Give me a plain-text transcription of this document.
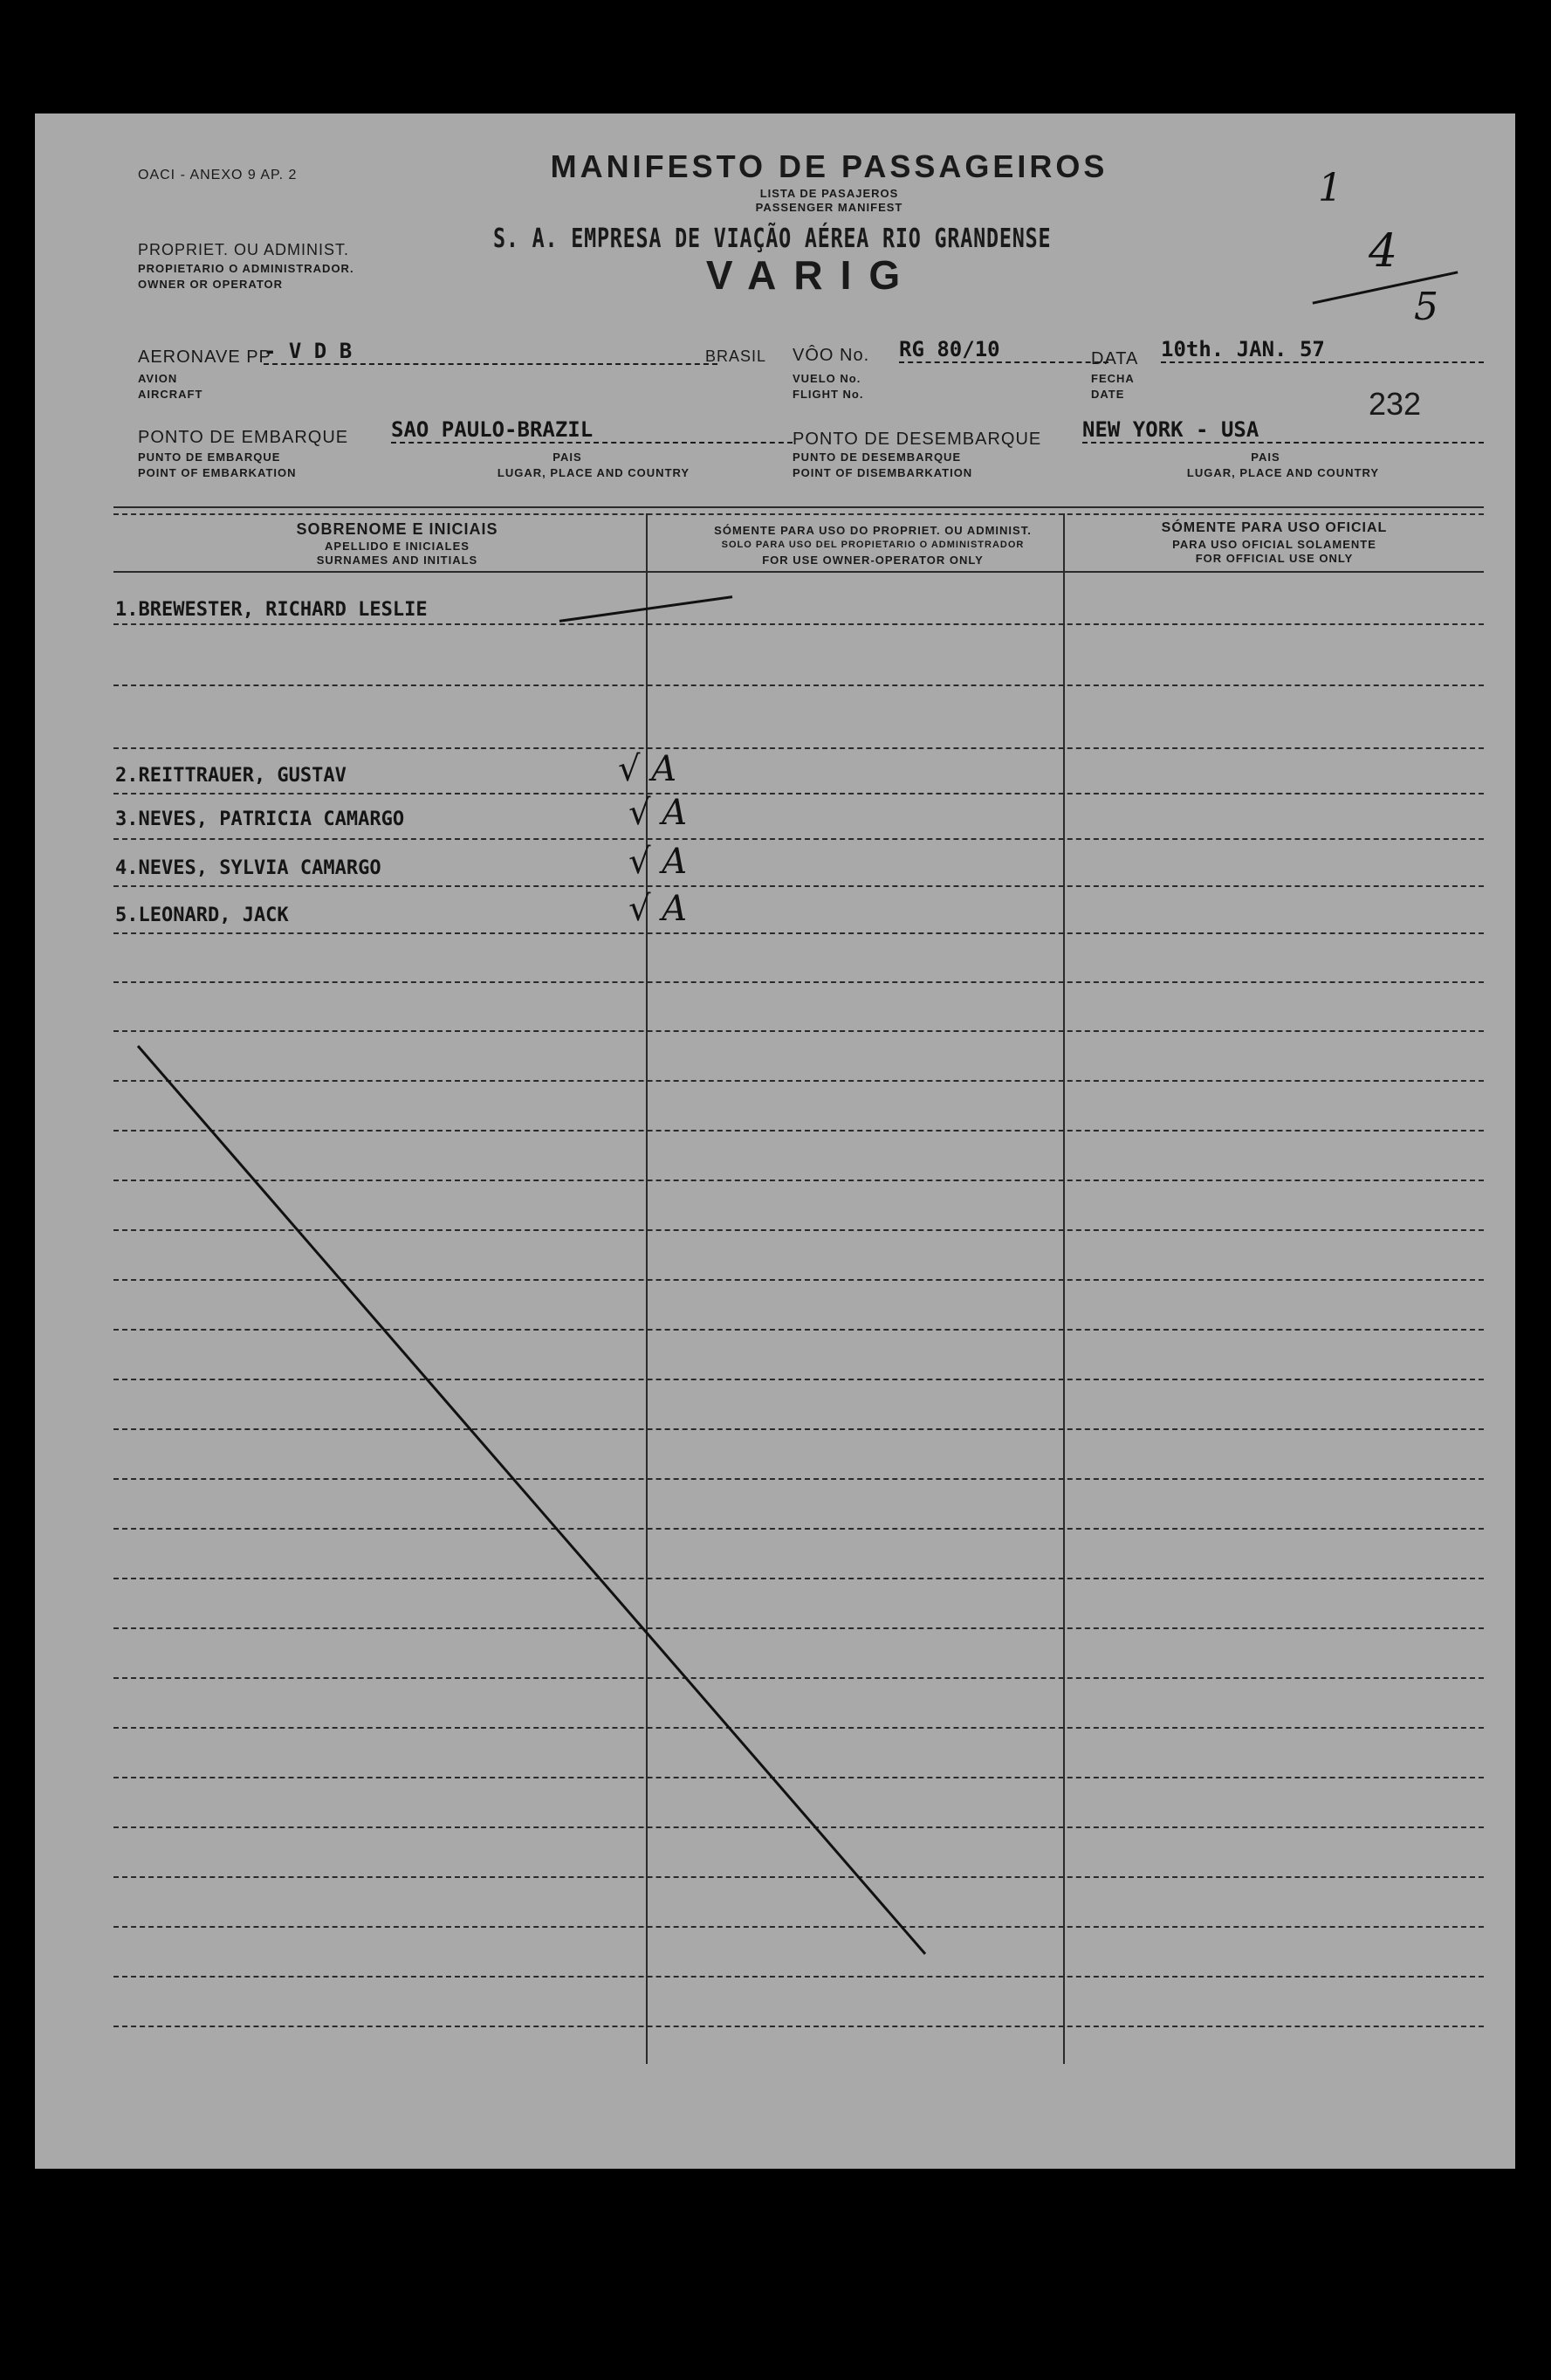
OACI - ANEXO 9 AP. 2	MANIFESTO DE PASSAGEIROS
LISTA DE PASAJEROS
PASSENGER MANIFEST
PROPRIET. OU ADMINIST.
PROPIETARIO O ADMINISTRADOR.
OWNER OR OPERATOR
S. A. EMPRESA DE VIAÇÃO AÉREA RIO GRANDENSE
VARIG
1
4
5
AERONAVE PP
AVION
AIRCRAFT
- V D B	BRASIL VÔO No.
VUELO No.
FLIGHT No.
RG 80/10	DATA
FECHA
DATE
10th. JAN. 57
232
PONTO DE EMBARQUE
PUNTO DE EMBARQUE
POINT OF EMBARKATION
SAO PAULO-BRAZIL
PAIS
LUGAR, PLACE AND COUNTRY
PONTO DE DESEMBARQUE
PUNTO DE DESEMBARQUE
POINT OF DISEMBARKATION
NEW YORK - USA
PAIS
LUGAR, PLACE AND COUNTRY
SOBRENOME E INICIAIS
APELLIDO E INICIALES
SURNAMES AND INITIALS
SÓMENTE PARA USO DO PROPRIET. OU ADMINIST.
SOLO PARA USO DEL PROPIETARIO O ADMINISTRADOR
FOR USE OWNER-OPERATOR ONLY
SÓMENTE PARA USO OFICIAL
PARA USO OFICIAL SOLAMENTE
FOR OFFICIAL USE ONLY
1.BREWESTER, RICHARD LESLIE
2.REITTRAUER, GUSTAV	√ A
3.NEVES, PATRICIA CAMARGO	√ A
4.NEVES, SYLVIA CAMARGO	√ A
5.LEONARD, JACK	√ A
